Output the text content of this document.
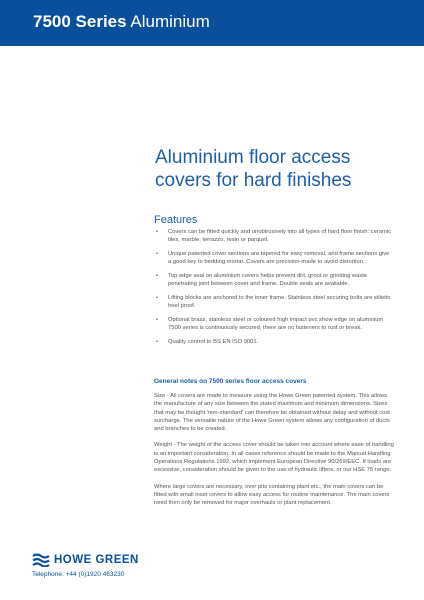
7500 Series Aluminium
Aluminium floor access
covers for hard finishes
Features
• Covers can be fitted quickly and unobtrusively into all types of hard floor finish: ceramic tiles, marble, terrazzo, resin or parquet.
• Unique patented cover sections are tapered for easy removal, and frame sections give a good key to bedding mortar. Covers are precision-made to avoid distortion.
• Top edge seal on aluminium covers helps prevent dirt, grout or grinding waste penetrating joint between cover and frame. Double seals are available.
• Lifting blocks are anchored to the inner frame. Stainless steel securing bolts are stiletto heel proof.
• Optional brass, stainless steel or coloured high impact pvc show edge on aluminium 7500 series is continuously secured; there are no fasteners to rust or break.
• Quality control to BS EN ISO 9001.
General notes on 7500 series floor access covers

Size - All covers are made to measure using the Howe Green patented system. This allows the manufacture of any size between the stated maximum and minimum dimensions. Sizes that may be thought 'non-standard' can therefore be obtained without delay and without cost surcharge. The versatile nature of the Howe Green system allows any configuration of ducts and branches to be created.

Weight - The weight of the access cover should be taken into account where ease of handling is an important consideration. In all cases reference should be made to the Manual Handling Operations Regulations 1992, which implement European Directive 90/269/EEC. If loads are excessive, consideration should be given to the use of hydraulic lifters, or our HSE 75 range.

Where large covers are necessary, over pits containing plant etc., the main covers can be fitted with small inset covers to allow easy access for routine maintenance. The main covers need then only be removed for major overhauls or plant replacement.

HOWE GREEN
Telephone: +44 (0)1920 463230
